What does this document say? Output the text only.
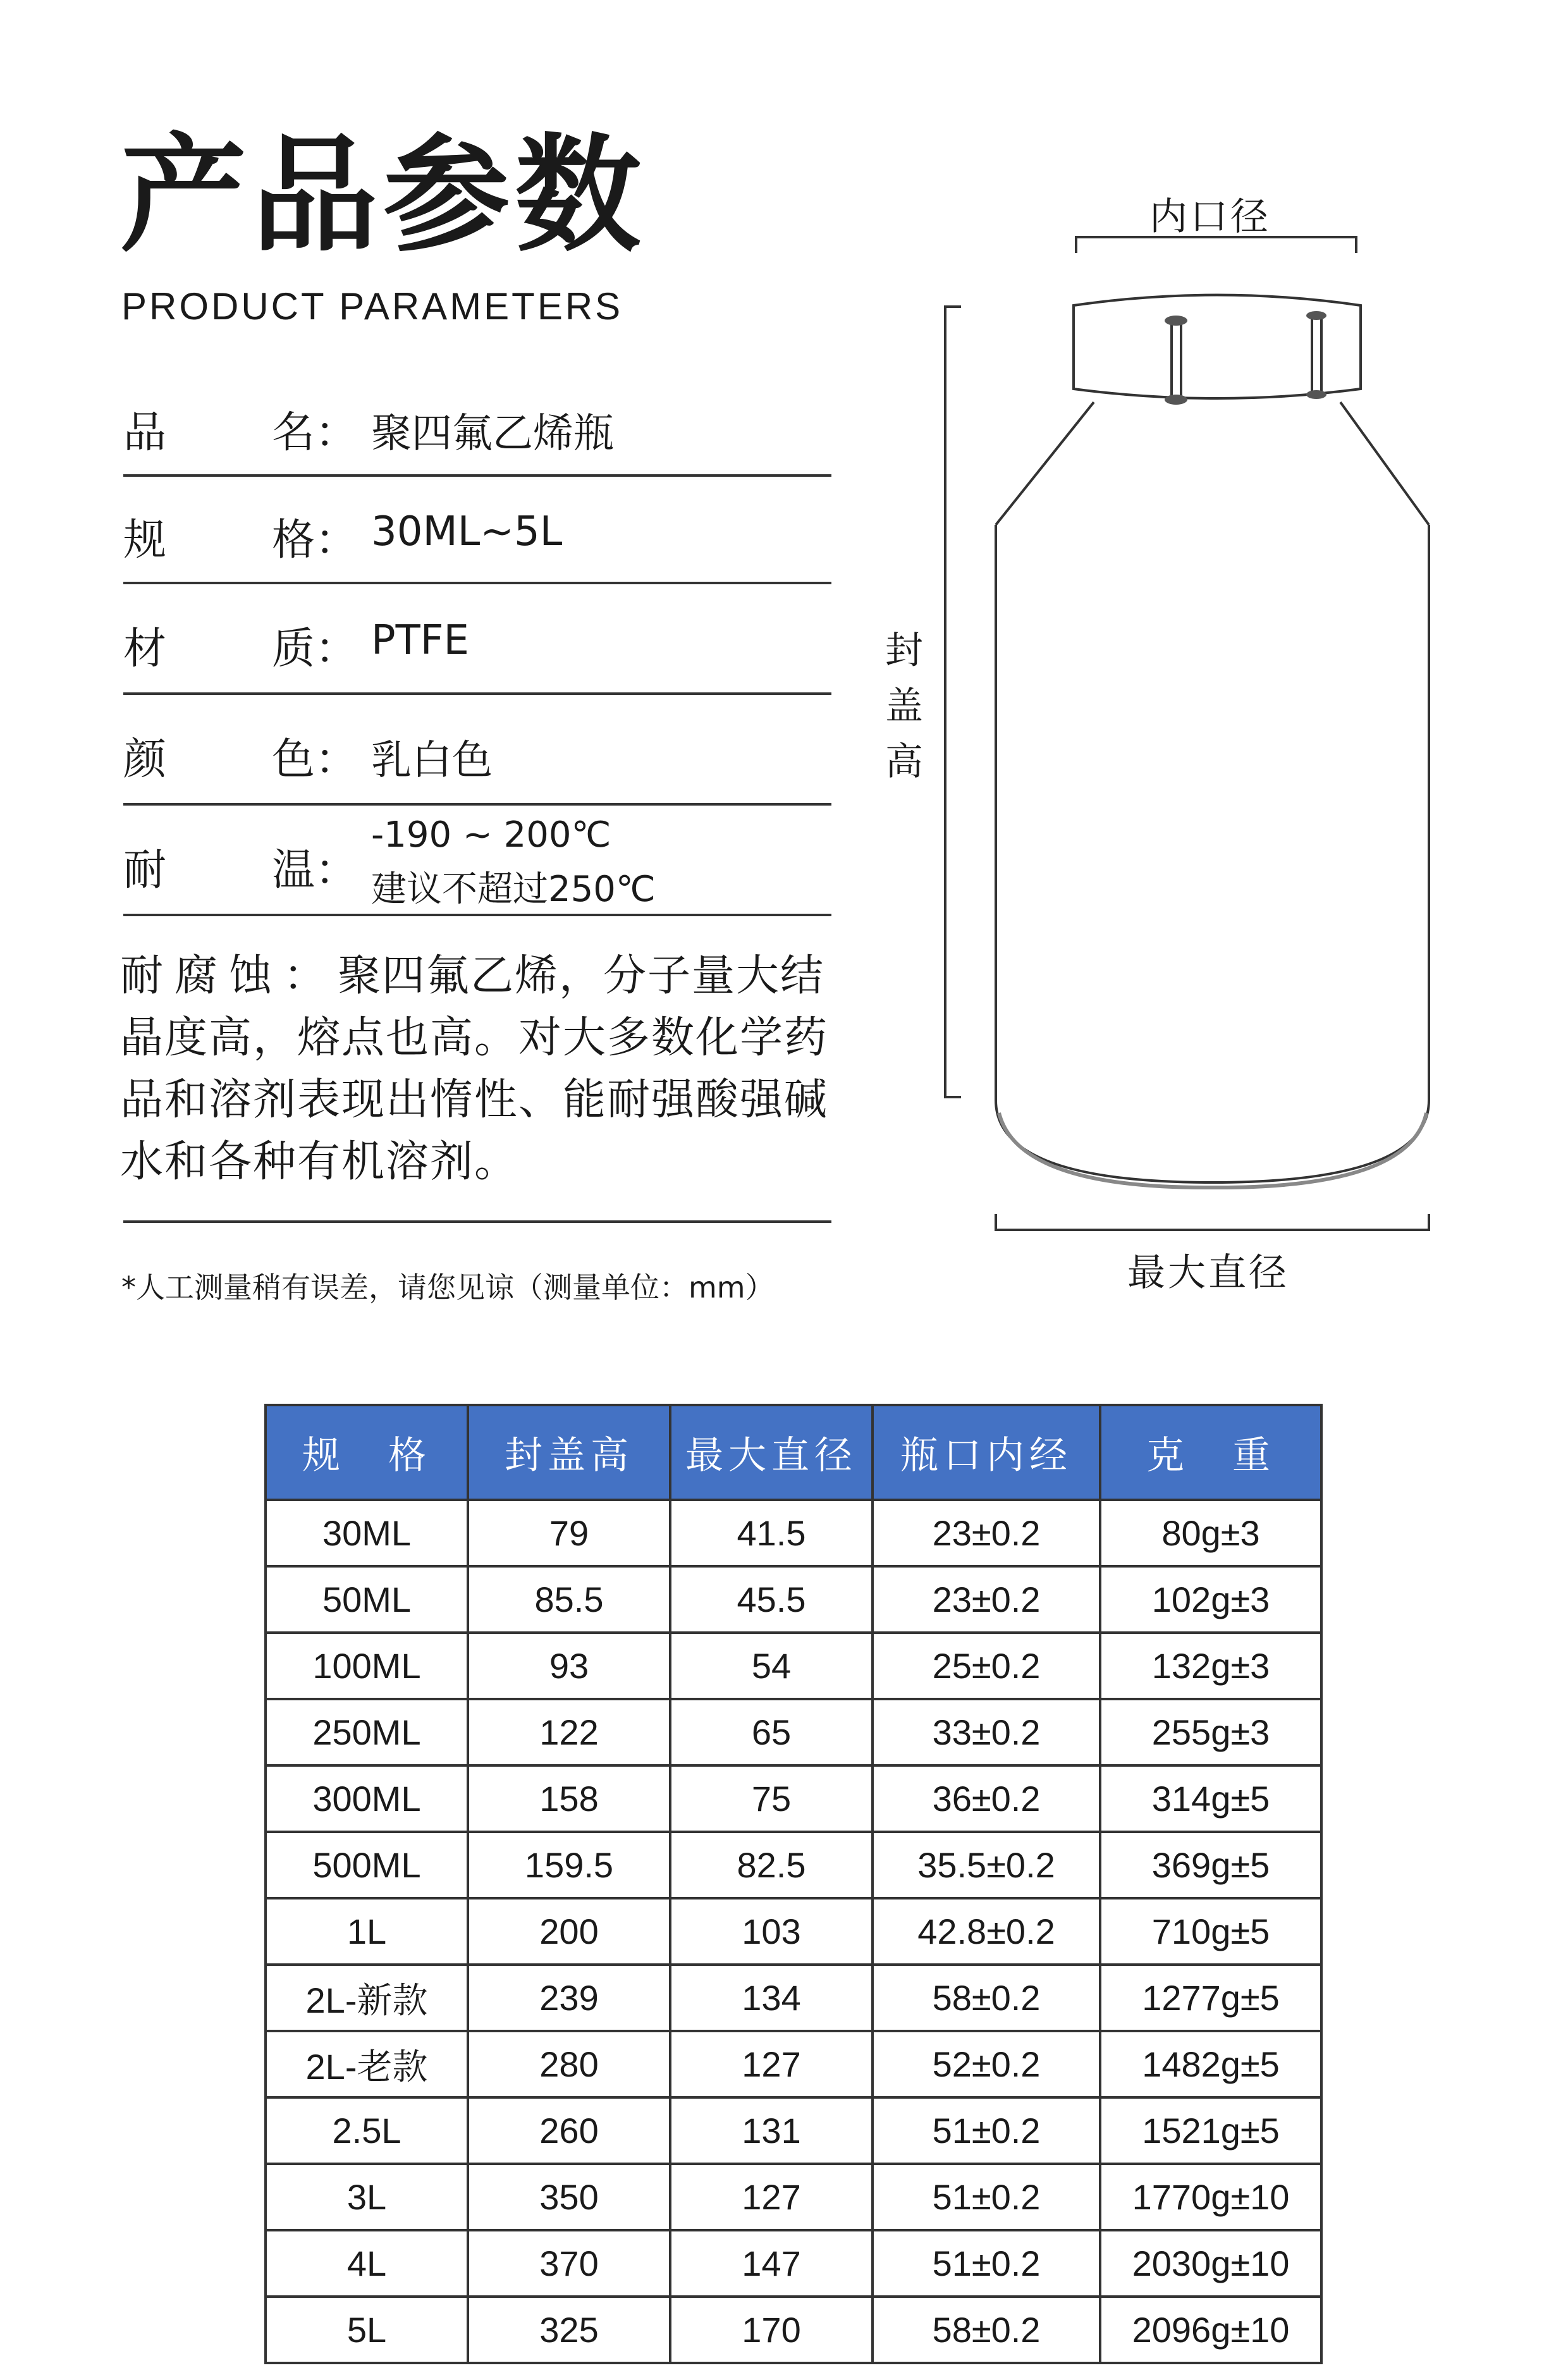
产品参数
PRODUCT PARAMETERS
品 名： 聚四氟乙烯瓶
规 格： 30ML~5L
材 质： PTFE
颜 色： 乳白色
耐 温：
-190 ~ 200℃
建议不超过250℃
耐腐蚀：聚四氟乙烯，分子量大结晶度高，熔点也高。对大多数化学药品和溶剂表现出惰性、能耐强酸强碱水和各种有机溶剂。
*人工测量稍有误差，请您见谅（测量单位：mm）
内口径
封
盖
高
最大直径
规　格	封盖高	最大直径	瓶口内经	克　重
30ML	79	41.5	23±0.2	80g±3
50ML	85.5	45.5	23±0.2	102g±3
100ML	93	54	25±0.2	132g±3
250ML	122	65	33±0.2	255g±3
300ML	158	75	36±0.2	314g±5
500ML	159.5	82.5	35.5±0.2	369g±5
1L	200	103	42.8±0.2	710g±5
2L-新款	239	134	58±0.2	1277g±5
2L-老款	280	127	52±0.2	1482g±5
2.5L	260	131	51±0.2	1521g±5
3L	350	127	51±0.2	1770g±10
4L	370	147	51±0.2	2030g±10
5L	325	170	58±0.2	2096g±10
